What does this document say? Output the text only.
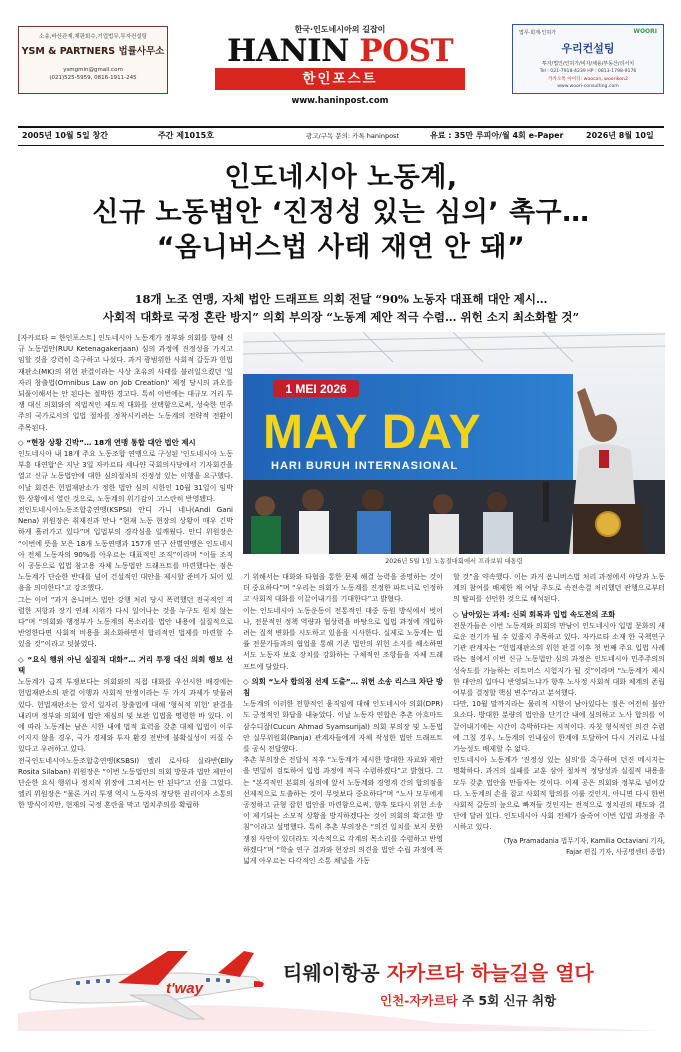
소송,바산관재,재판회수,기업법무,투자컨설팅
YSM & PARTNERS 법률사무소
ysmgmin@gmail.com
(021)525-5959, 0816-1911-245
한국·인도네시아의 길잡이
HANIN POST
한인포스트
www.haninpost.com
법무·회계·인허가	WOORI
우리컨설팅
투자/법인/인허가/비자/채용/부동산/리서치
Tel : 021-7918-4239 HP : 0813-1798-9176
카카오톡 아이디: woocon, woorikon2
www.woori-consulting.com
2005년 10월 5일 창간	주간 제1015호	광고/구독 문의: 카톡 haninpost	유료 : 35만 루피아/월 4회 e-Paper	2026년 8월 10일
인도네시아 노동계,
신규 노동법안 ‘진정성 있는 심의’ 촉구…
“옴니버스법 사태 재연 안 돼”
18개 노조 연맹, 자체 법안 드래프트 의회 전달 “90% 노동자 대표해 대안 제시…
사회적 대화로 국정 혼란 방지” 의회 부의장 “노동계 제안 적극 수렴… 위헌 소지 최소화할 것”

[자카르타 = 한인포스트] 인도네시아 노동계가 정부와 의회를 향해 신규 노동법안(RUU Ketenagakerjaan) 심의 과정에 진정성을 가지고 임할 것을 강력히 촉구하고 나섰다. 과거 광범위한 사회적 갈등과 헌법재판소(MK)의 위헌 판결이라는 사상 초유의 사태를 불러일으켰던 '일자리 창출법(Omnibus Law on Job Creation)' 제정 당시의 과오를 되풀이해서는 안 된다는 절박한 경고다. 특히 이번에는 대규모 거리 투쟁 대신 의회와의 적법적인 제도적 대화를 선택함으로써, 성숙한 민주주의 국가로서의 입법 절차를 정착시키려는 노동계의 전략적 전환이 주목된다.

◇ “현장 상황 긴박”… 18개 연맹 통합 대안 법안 제시

인도네시아 내 18개 주요 노동조합 연맹으로 구성된 '인도네시아 노동부흥 대연합'은 지난 3일 자카르타 세나얀 국회의사당에서 기자회견을 열고 신규 노동법안에 대한 심의절차의 진정성 있는 이행을 요구했다. 이날 회견은 헌법재판소가 정한 법안 심의 시한인 10월 31일이 임박한 상황에서 열린 것으로, 노동계의 위기감이 고스란히 반영됐다.

전인도네시아노동조합총연맹(KSPSI) 안디 가니 네나(Andi Gani Nena) 위원장은 취재진과 만나 “현재 노동 현장의 상황이 매우 긴박하게 흘러가고 있다”며 입법부의 경각심을 일깨웠다. 안디 위원장은 “이번에 뜻을 모은 18개 노동연맹과 157개 연구 산별연맹은 인도네시아 전체 노동자의 90%를 아우르는 대표적인 조직”이라며 “이들 조직이 공동으로 입법 참고용 자체 노동법안 드래프트를 마련했다는 점은 노동계가 단순한 반대를 넘어 건설적인 대안을 제시할 준비가 되어 있음을 의미한다”고 강조했다.

그는 이어 “과거 옴니버스 법안 강행 처리 당시 폭력했던 전국적인 격렬한 저항과 장기 연쇄 시위가 다시 일어나는 것을 누구도 원치 않는다”며 “의회와 행정부가 노동계의 목소리를 법안 내용에 실질적으로 반영한다면 사회적 비용을 최소화하면서 합리적인 법제를 마련할 수 있을 것”이라고 덧붙였다.

◇ “요식 행위 아닌 실질적 대화”… 거리 투쟁 대신 의회 행보 선택

노동계가 급격 투쟁보다는 의회와의 직접 대화를 우선시한 배경에는 헌법재판소의 판결 이행과 사회적 안정이라는 두 가지 과제가 맞물려 있다. 헌법재판소는 앞서 일자리 창출법에 대해 '형식적 위헌' 판결을 내리며 정부와 의회에 법안 재심의 및 보완 입법을 명령한 바 있다. 이에 따라 노동계는 남은 시한 내에 법적 효력을 갖춘 대체 입법이 이루어지지 않을 경우, 국가 경제와 투자 환경 전반에 불확실성이 커질 수 있다고 우려하고 있다.

전국인도네시아노동조합총연맹(KSBSI) 엘리 로사타 실라반(Elly Rosita Silaban) 위원장은 “이번 노동법안의 의회 방문과 법안 제안이 단순한 요식 행위나 정치적 위장에 그쳐서는 안 된다”고 선을 그었다. 엘리 위원장은 “물론 거리 투쟁 역시 노동자의 정당한 권리이자 소통의 한 방식이지만, 현재의 국정 혼란을 막고 법치주의를 확립하

1 MEI 2026
MAY DAY
HARI BURUH INTERNASIONAL
2026년 5월 1일 노동절대회에서 프라보워 대통령

기 위해서는 대화와 타협을 통한 문제 해결 능력을 증명하는 것이 더 중요하다”며 “우리는 의회가 노동계를 진정한 파트너로 인정하고 사회적 대화를 이끌어내기를 기대한다”고 밝혔다.

이는 인도네시아 노동운동이 전통적인 대중 동원 방식에서 벗어나, 전문적인 정책 역량과 협상력을 바탕으로 입법 과정에 개입하려는 질적 변화를 시도하고 있음을 시사한다. 실제로 노동계는 법률 전문가들과의 협업을 통해 기존 법안의 위헌 소지를 해소하면서도 노동자 보호 장치를 강화하는 구체적인 조항들을 자체 드래프트에 담았다.

◇ 의회 “노사 합의점 선제 도출”… 위헌 소송 리스크 차단 방침

노동계의 이러한 전향적인 움직임에 대해 인도네시아 의회(DPR)도 긍정적인 화답을 내놓았다. 이날 노동자 연합은 추촌 아흐마드 삼수디잘(Cucun Ahmad Syamsurijal) 의회 부의장 및 노동법안 실무위원회(Panja) 관계자들에게 자체 작성한 법안 드래프트를 공식 전달했다.

추촌 부의장은 전달식 직후 “노동계가 제시한 방대한 자료와 제안을 면밀히 검토하여 입법 과정에 적극 수렴하겠다”고 밝혔다. 그는 “본격적인 본회의 심의에 앞서 노동계와 경영계 간의 합의점을 선제적으로 도출하는 것이 무엇보다 중요하다”며 “노사 모두에게 공정하고 균형 잡힌 법안을 마련함으로써, 향후 또다시 위헌 소송이 제기되는 소모적 상황을 방지하겠다는 것이 의회의 확고한 방침”이라고 설명했다. 특히 추촌 부의장은 “의견 일치를 보지 못한 쟁점 사안이 있더라도 지속적으로 각계의 목소리를 수렴하고 반영하겠다”며 “학술 연구 결과와 현장의 의견을 법안 수립 과정에 폭넓게 아우르는 다각적인 소통 채널을 가동

할 것”을 약속했다. 이는 과거 옴니버스법 처리 과정에서 야당과 노동계의 참여를 배제한 채 여당 주도로 속전속결 처리했던 관행으로부터의 탈피를 선언한 것으로 해석된다.

◇ 남아있는 과제: 신뢰 회복과 입법 속도전의 조화

전문가들은 이번 노동계와 의회의 만남이 인도네시아 입법 문화의 새로운 전기가 될 수 있을지 주목하고 있다. 자카르타 소재 한 국책연구기관 관계자는 “헌법재판소의 위헌 판결 이후 첫 번째 주요 입법 사례라는 점에서 이번 신규 노동법안 심의 과정은 인도네시아 민주주의의 성숙도를 가늠하는 리트머스 시험지가 될 것”이라며 “노동계가 제시한 대안의 입마나 반영되느냐가 향후 노사정 사회적 대화 체계의 존립 여부를 결정할 핵심 변수”라고 분석했다.

다만, 10월 말까지라는 물리적 시한이 남아있다는 점은 여전히 불안 요소다. 방대한 분량의 법안을 단기간 내에 심의하고 노사 합의를 이끌어내기에는 시간이 촉박하다는 지적이다. 자칫 형식적인 의견 수렴에 그칠 경우, 노동계의 인내심이 한계에 도달하여 다시 거리로 나설 가능성도 배제할 수 없다.

인도네시아 노동계가 '진정성 있는 심의'를 촉구하며 던진 메시지는 명확하다. 과거의 실패를 교훈 삼아 절차적 정당성과 실질적 내용을 모두 갖춘 법안을 만들자는 것이다. 이제 공은 의회와 정부로 넘어갔다. 노동계의 손을 잡고 사회적 합의를 이룰 것인지, 아니면 다시 한번 사회적 갈등의 늪으로 빠져들 것인지는 전적으로 정치권의 태도와 결단에 달려 있다. 인도네시아 사회 전체가 숨죽여 이번 입법 과정을 주시하고 있다.

(Tya Pramadania 법무기자, Kamilia Octaviani 기자,
Fajar 편집 기자, 사공명센터 종합)
t'way
티웨이항공 자카르타 하늘길을 열다
인천-자카르타 주 5회 신규 취항
